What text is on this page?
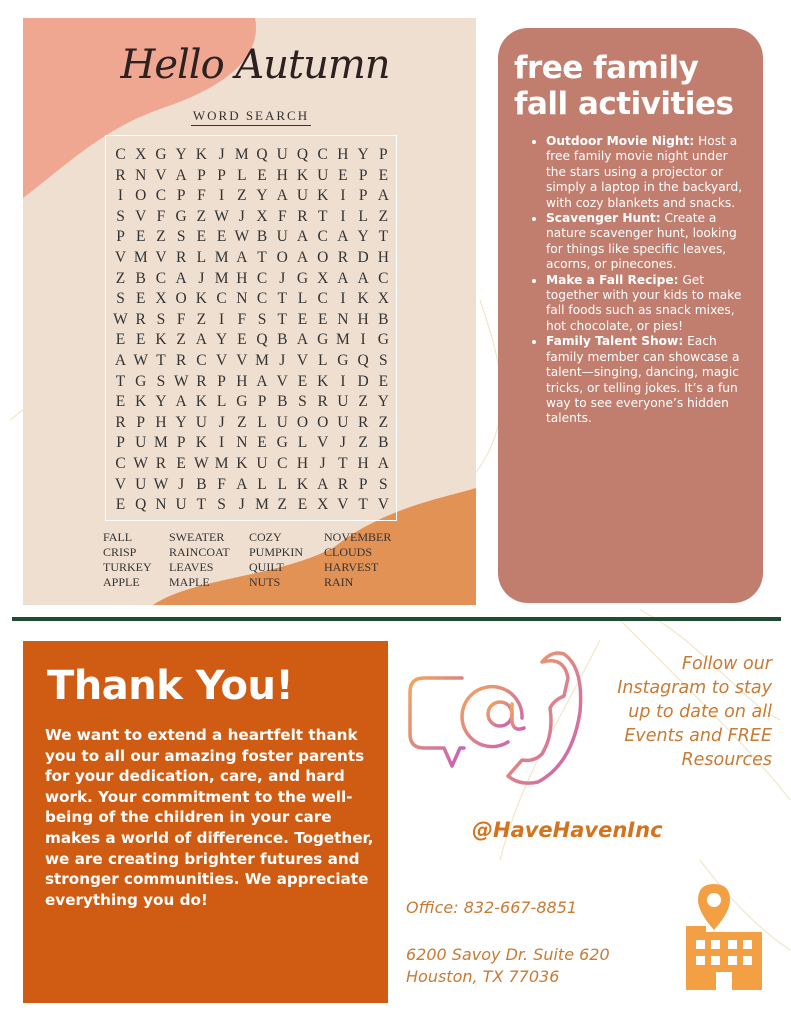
Hello Autumn
WORD SEARCH
C X G Y K J M Q U Q C H Y P
R N V A P P L E H K U E P E
I O C P F I Z Y A U K I P A
S V F G Z W J X F R T I L Z
P E Z S E E W B U A C A Y T
V M V R L M A T O A O R D H
Z B C A J M H C J G X A A C
S E X O K C N C T L C I K X
W R S F Z I F S T E E N H B
E E K Z A Y E Q B A G M I G
A W T R C V V M J V L G Q S
T G S W R P H A V E K I D E
E K Y A K L G P B S R U Z Y
R P H Y U J Z L U O O U R Z
P U M P K I N E G L V J Z B
C W R E W M K U C H J T H A
V U W J B F A L L K A R P S
E Q N U T S J M Z E X V T V
FALL	SWEATER	COZY	NOVEMBER
CRISP	RAINCOAT	PUMPKIN	CLOUDS
TURKEY	LEAVES	QUILT	HARVEST
APPLE	MAPLE	NUTS	RAIN
free family fall activities
• Outdoor Movie Night: Host a free family movie night under the stars using a projector or simply a laptop in the backyard, with cozy blankets and snacks.
• Scavenger Hunt: Create a nature scavenger hunt, looking for things like specific leaves, acorns, or pinecones.
• Make a Fall Recipe: Get together with your kids to make fall foods such as snack mixes, hot chocolate, or pies!
• Family Talent Show: Each family member can showcase a talent—singing, dancing, magic tricks, or telling jokes. It’s a fun way to see everyone’s hidden talents.
Thank You!
We want to extend a heartfelt thank you to all our amazing foster parents for your dedication, care, and hard work. Your commitment to the well-being of the children in your care makes a world of difference. Together, we are creating brighter futures and stronger communities. We appreciate everything you do!
Follow our Instagram to stay up to date on all Events and FREE Resources
@HaveHavenInc
Office: 832-667-8851
6200 Savoy Dr. Suite 620
Houston, TX 77036
